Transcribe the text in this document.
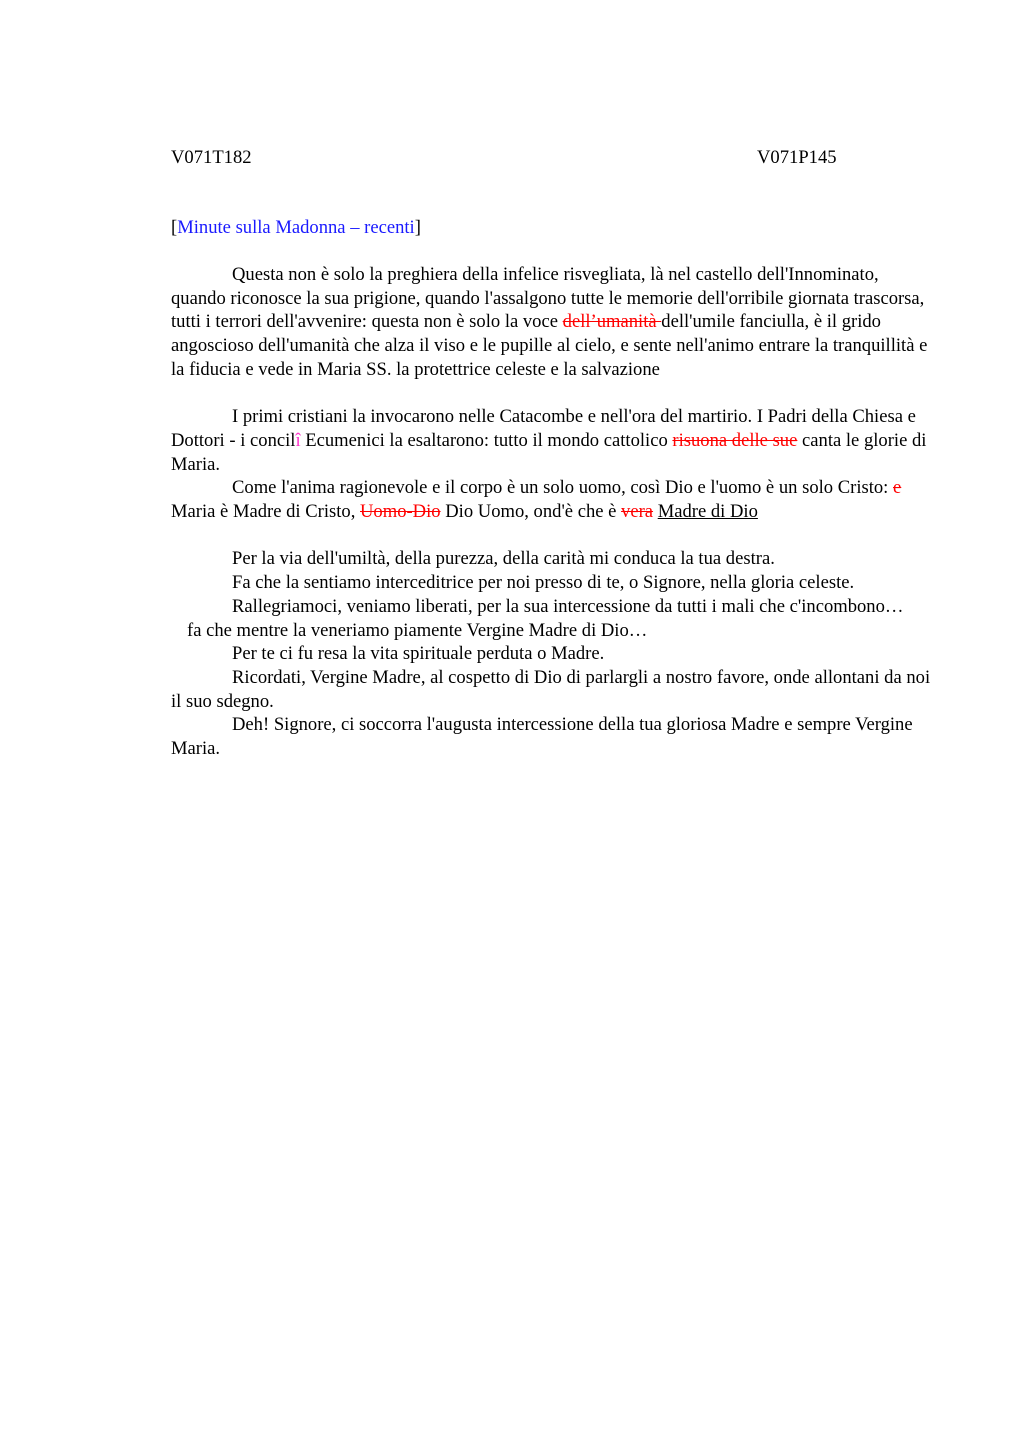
V071T182	V071P145
[Minute sulla Madonna – recenti]

Questa non è solo la preghiera della infelice risvegliata, là nel castello dell'Innominato, quando riconosce la sua prigione, quando l'assalgono tutte le memorie dell'orribile giornata trascorsa, tutti i terrori dell'avvenire: questa non è solo la voce dell’umanità dell'umile fanciulla, è il grido angoscioso dell'umanità che alza il viso e le pupille al cielo, e sente nell'animo entrare la tranquillità e la fiducia e vede in Maria SS. la protettrice celeste e la salvazione

I primi cristiani la invocarono nelle Catacombe e nell'ora del martirio. I Padri della Chiesa e Dottori - i concilî Ecumenici la esaltarono: tutto il mondo cattolico risuona delle sue canta le glorie di Maria.

Come l'anima ragionevole e il corpo è un solo uomo, così Dio e l'uomo è un solo Cristo: e Maria è Madre di Cristo, Uomo-Dio Dio Uomo, ond'è che è vera Madre di Dio

Per la via dell'umiltà, della purezza, della carità mi conduca la tua destra.

Fa che la sentiamo interceditrice per noi presso di te, o Signore, nella gloria celeste.

Rallegriamoci, veniamo liberati, per la sua intercessione da tutti i mali che c'incombono…

fa che mentre la veneriamo piamente Vergine Madre di Dio…

Per te ci fu resa la vita spirituale perduta o Madre.

Ricordati, Vergine Madre, al cospetto di Dio di parlargli a nostro favore, onde allontani da noi il suo sdegno.

Deh! Signore, ci soccorra l'augusta intercessione della tua gloriosa Madre e sempre Vergine Maria.
